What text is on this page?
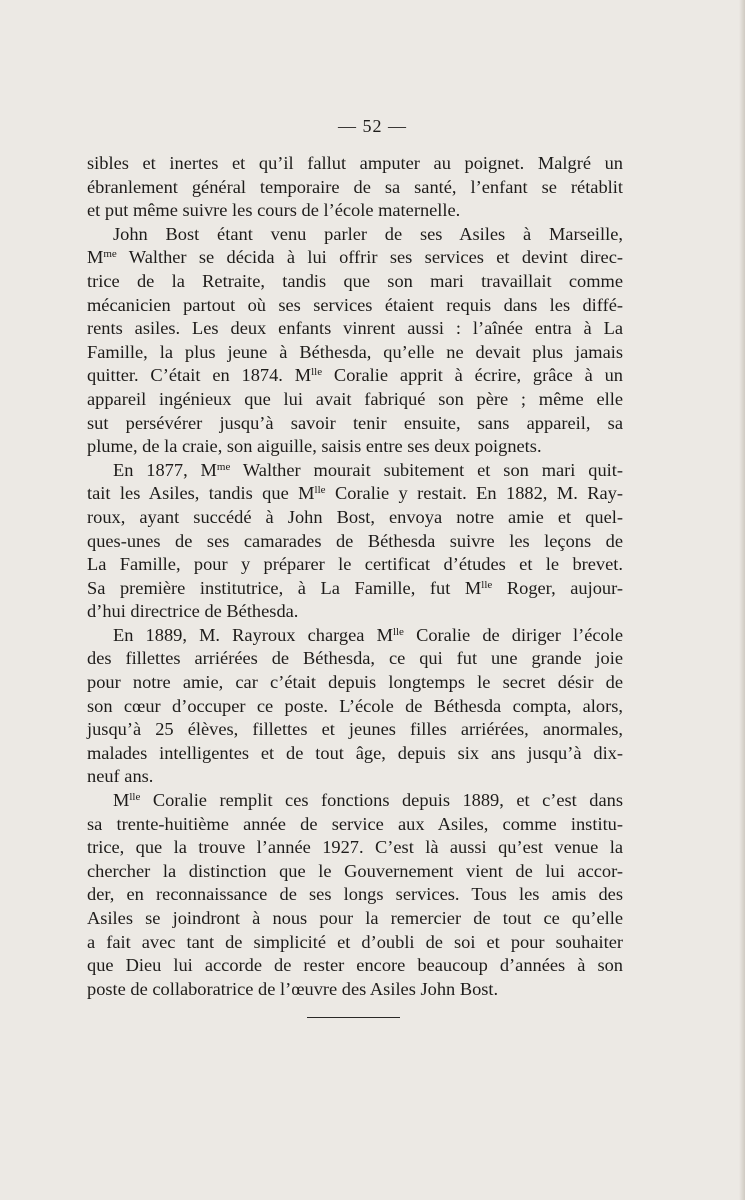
— 52 —
sibles et inertes et qu’il fallut amputer au poignet. Malgré un
ébranlement général temporaire de sa santé, l’enfant se rétablit
et put même suivre les cours de l’école maternelle.
John Bost étant venu parler de ses Asiles à Marseille,
$M^{me}$ Walther se décida à lui offrir ses services et devint direc-
trice de la Retraite, tandis que son mari travaillait comme
mécanicien partout où ses services étaient requis dans les diffé-
rents asiles. Les deux enfants vinrent aussi : l’aînée entra à La
Famille, la plus jeune à Béthesda, qu’elle ne devait plus jamais
quitter. C’était en 1874. $M^{lle}$ Coralie apprit à écrire, grâce à un
appareil ingénieux que lui avait fabriqué son père ; même elle
sut persévérer jusqu’à savoir tenir ensuite, sans appareil, sa
plume, de la craie, son aiguille, saisis entre ses deux poignets.
En 1877, $M^{me}$ Walther mourait subitement et son mari quit-
tait les Asiles, tandis que $M^{lle}$ Coralie y restait. En 1882, M. Ray-
roux, ayant succédé à John Bost, envoya notre amie et quel-
ques-unes de ses camarades de Béthesda suivre les leçons de
La Famille, pour y préparer le certificat d’études et le brevet.
Sa première institutrice, à La Famille, fut $M^{lle}$ Roger, aujour-
d’hui directrice de Béthesda.
En 1889, M. Rayroux chargea $M^{lle}$ Coralie de diriger l’école
des fillettes arriérées de Béthesda, ce qui fut une grande joie
pour notre amie, car c’était depuis longtemps le secret désir de
son cœur d’occuper ce poste. L’école de Béthesda compta, alors,
jusqu’à 25 élèves, fillettes et jeunes filles arriérées, anormales,
malades intelligentes et de tout âge, depuis six ans jusqu’à dix-
neuf ans.
$M^{lle}$ Coralie remplit ces fonctions depuis 1889, et c’est dans
sa trente-huitième année de service aux Asiles, comme institu-
trice, que la trouve l’année 1927. C’est là aussi qu’est venue la
chercher la distinction que le Gouvernement vient de lui accor-
der, en reconnaissance de ses longs services. Tous les amis des
Asiles se joindront à nous pour la remercier de tout ce qu’elle
a fait avec tant de simplicité et d’oubli de soi et pour souhaiter
que Dieu lui accorde de rester encore beaucoup d’années à son
poste de collaboratrice de l’œuvre des Asiles John Bost.
